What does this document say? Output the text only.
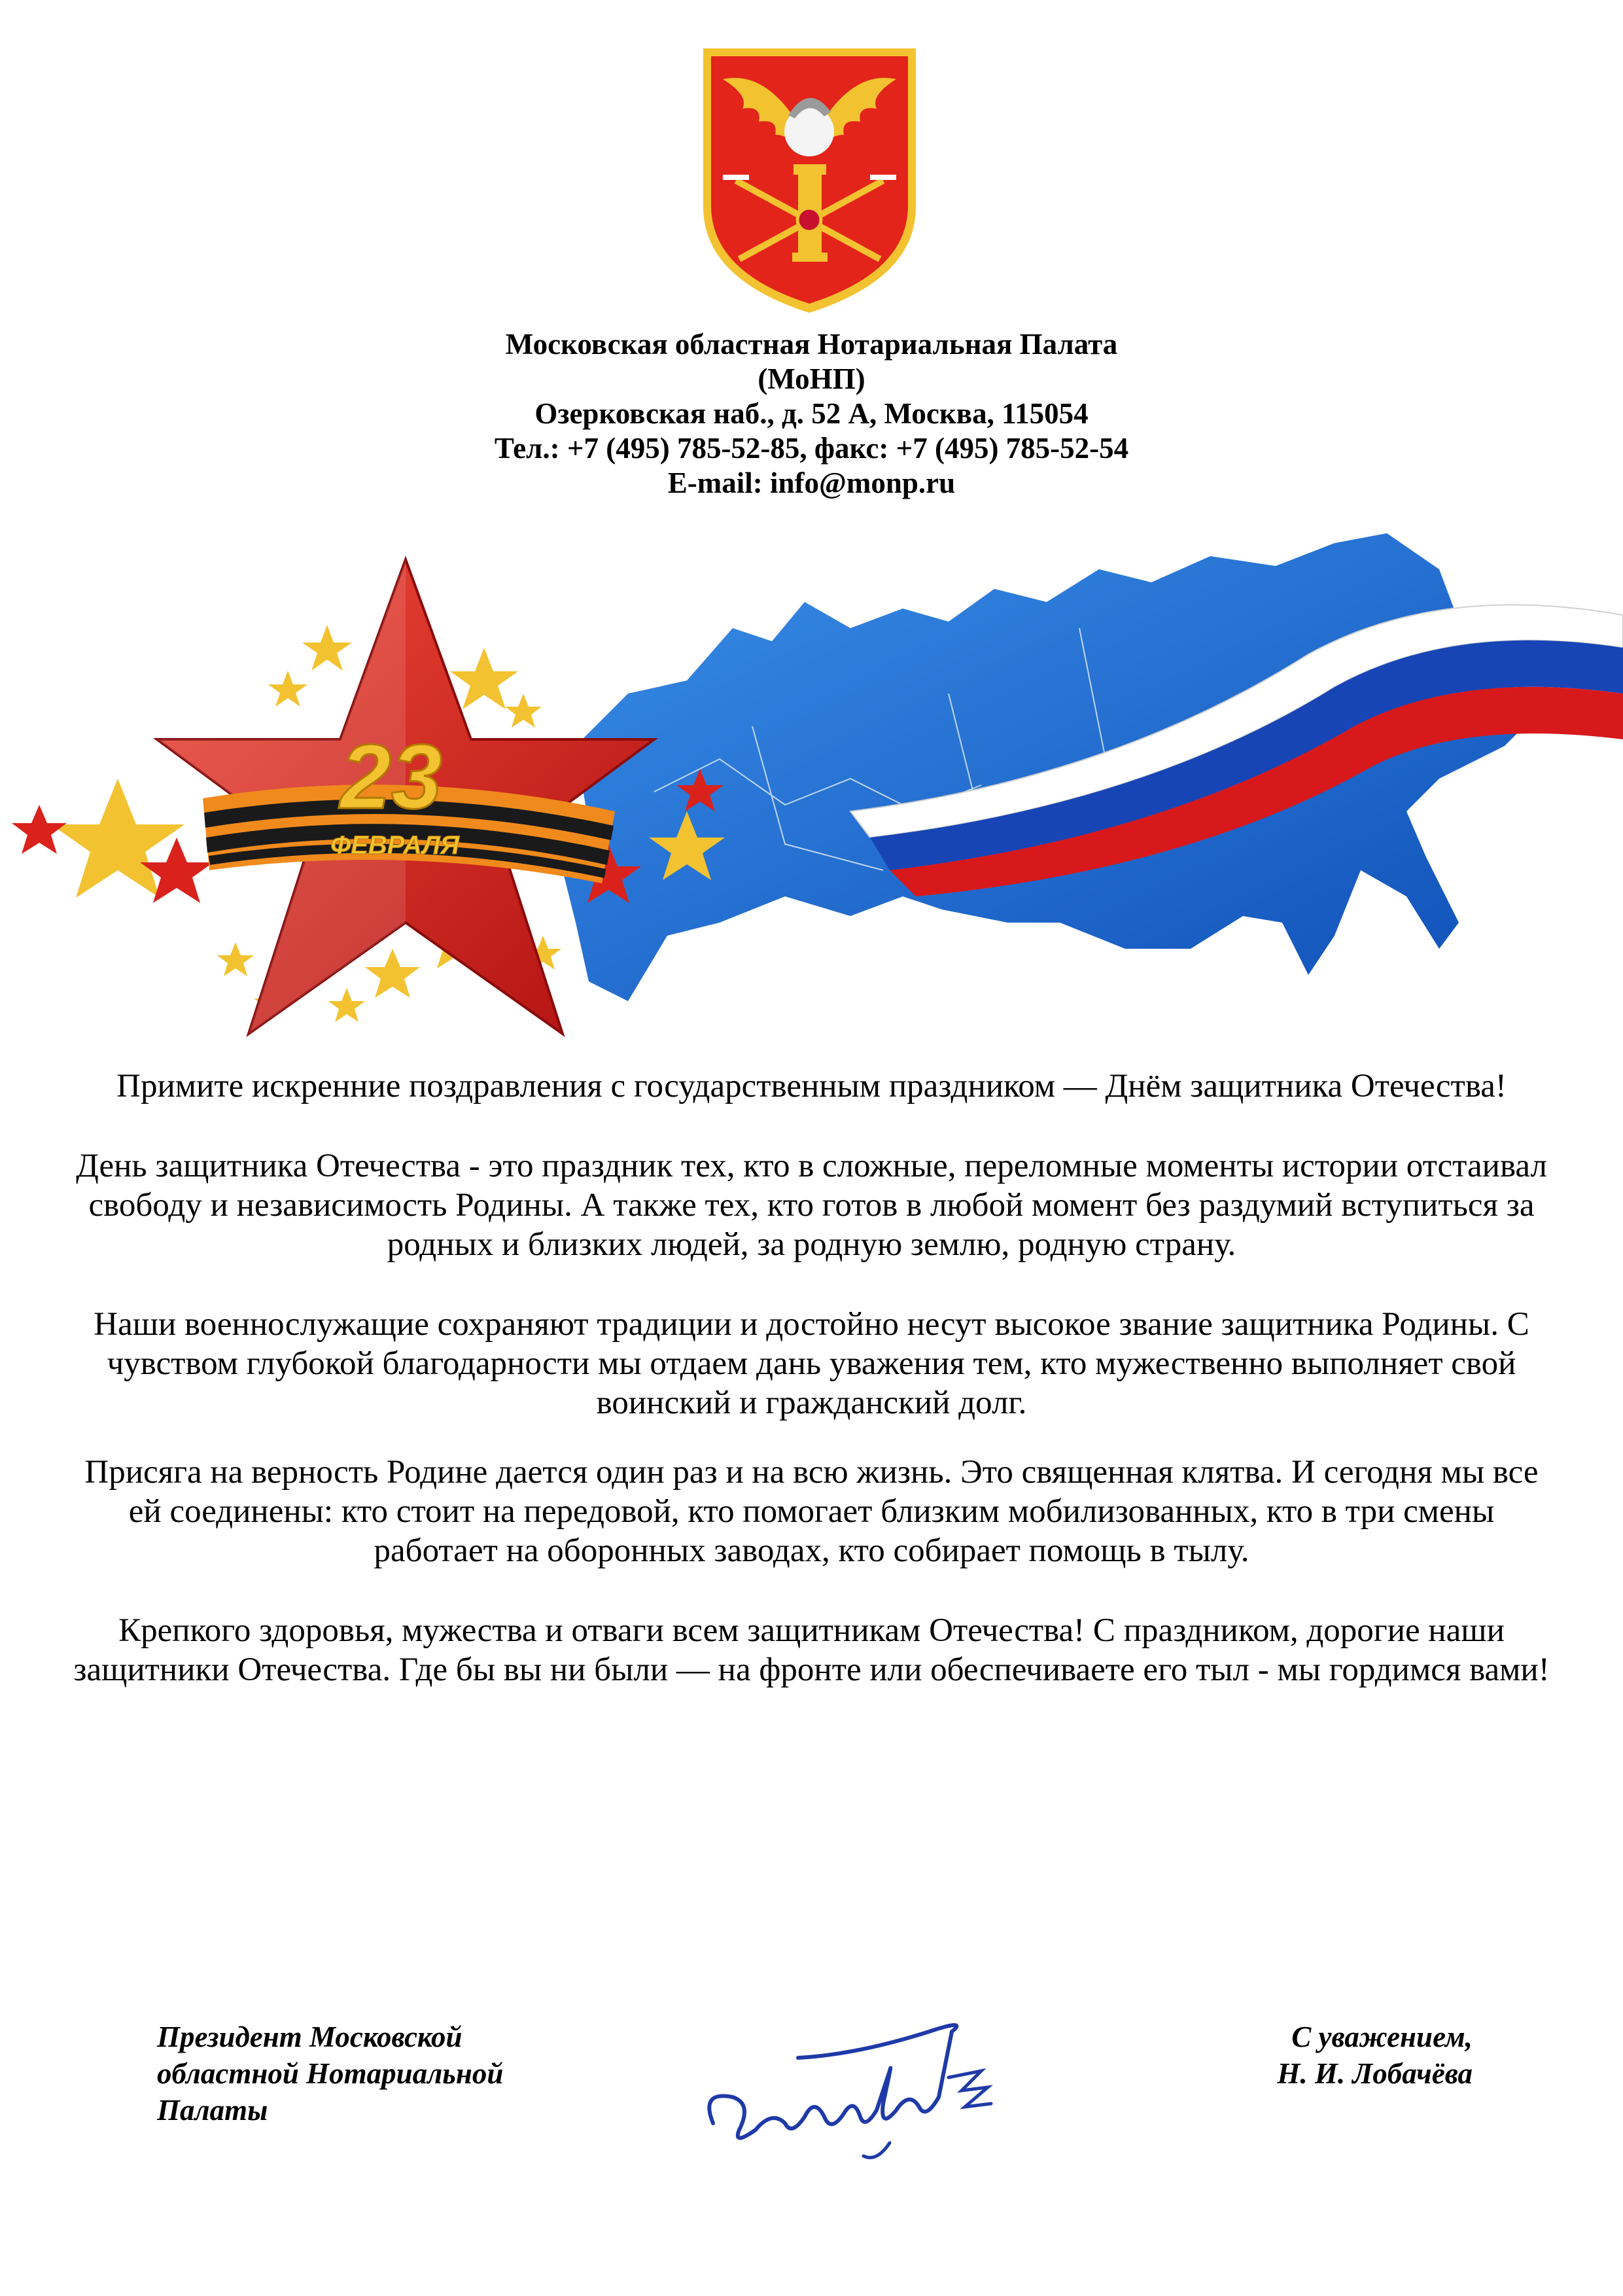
Московская областная Нотариальная Палата
(МоНП)
Озерковская наб., д. 52 А, Москва, 115054
Тел.: +7 (495) 785-52-85, факс: +7 (495) 785-52-54
E-mail: info@monp.ru
23
ФЕВРАЛЯ

Примите искренние поздравления с государственным праздником — Днём защитника Отечества!

День защитника Отечества - это праздник тех, кто в сложные, переломные моменты истории отстаивал свободу и независимость Родины. А также тех, кто готов в любой момент без раздумий вступиться за родных и близких людей, за родную землю, родную страну.

Наши военнослужащие сохраняют традиции и достойно несут высокое звание защитника Родины. С чувством глубокой благодарности мы отдаем дань уважения тем, кто мужественно выполняет свой воинский и гражданский долг.

Присяга на верность Родине дается один раз и на всю жизнь. Это священная клятва. И сегодня мы все ей соединены: кто стоит на передовой, кто помогает близким мобилизованных, кто в три смены работает на оборонных заводах, кто собирает помощь в тылу.

Крепкого здоровья, мужества и отваги всем защитникам Отечества! С праздником, дорогие наши защитники Отечества. Где бы вы ни были — на фронте или обеспечиваете его тыл - мы гордимся вами!

Президент Московской
областной Нотариальной
Палаты
С уважением,
Н. И. Лобачёва
